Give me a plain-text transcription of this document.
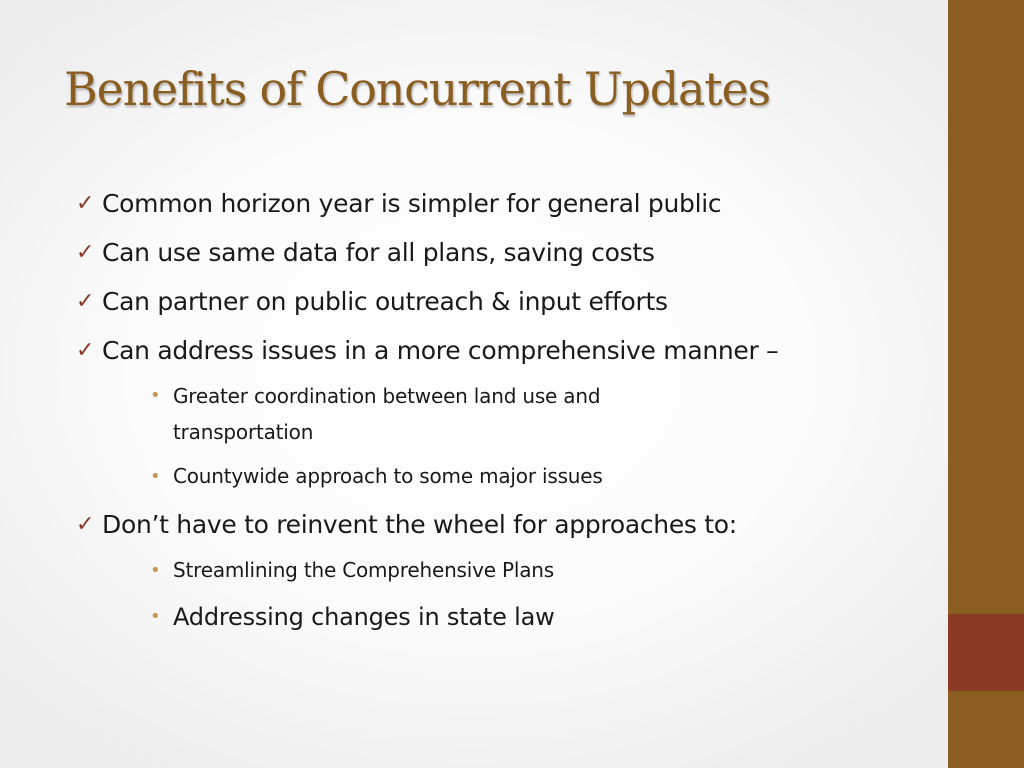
Benefits of Concurrent Updates
✓ Common horizon year is simpler for general public
✓ Can use same data for all plans, saving costs
✓ Can partner on public outreach & input efforts
✓ Can address issues in a more comprehensive manner –
• Greater coordination between land use and transportation
• Countywide approach to some major issues
✓ Don’t have to reinvent the wheel for approaches to:
• Streamlining the Comprehensive Plans
• Addressing changes in state law
